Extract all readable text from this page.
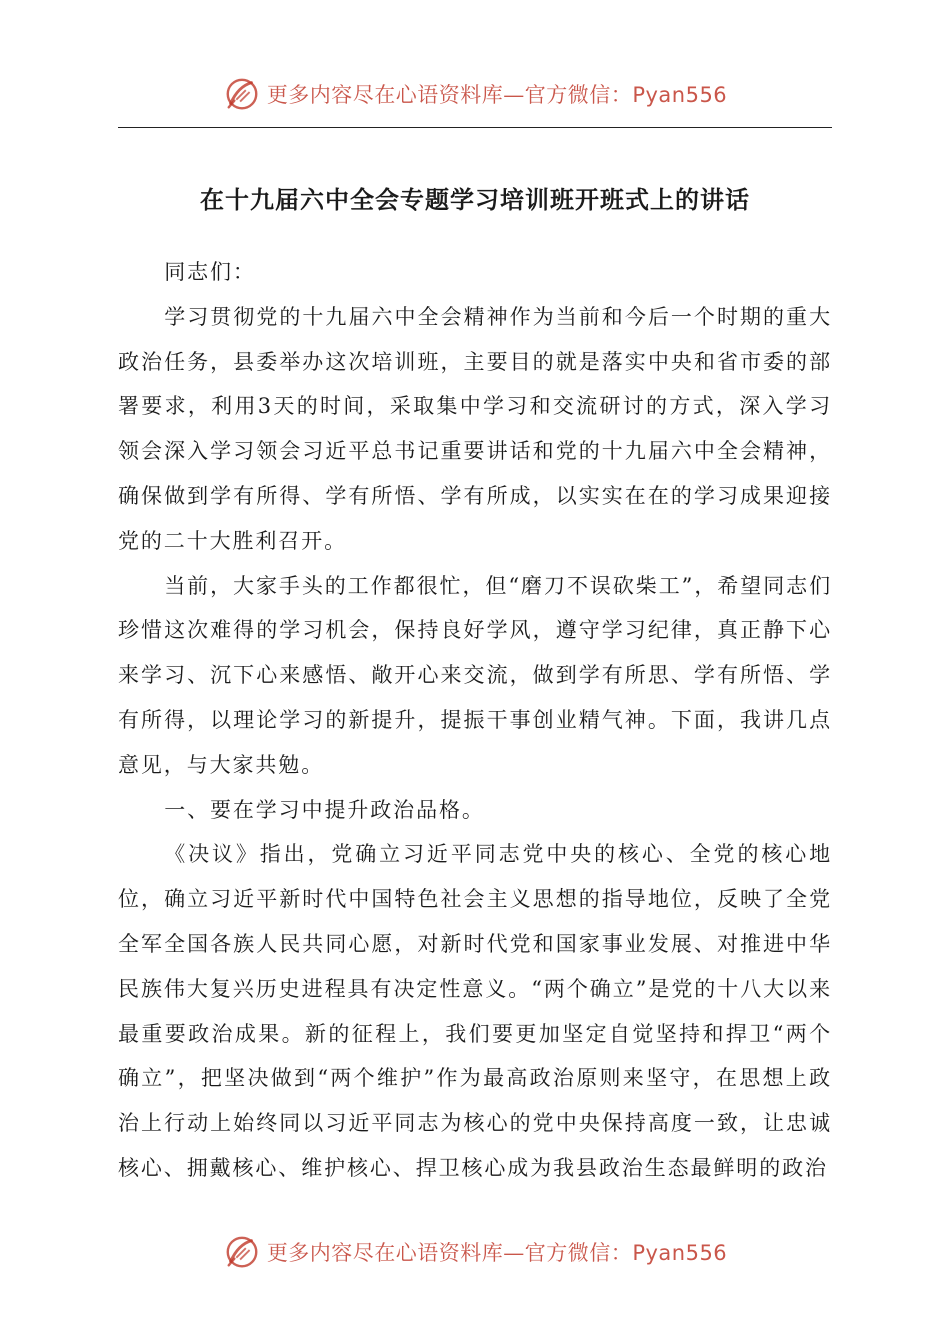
更多内容尽在心语资料库—官方微信：Pyan556
在十九届六中全会专题学习培训班开班式上的讲话

同志们：

学习贯彻党的十九届六中全会精神作为当前和今后一个时期的重大政治任务，县委举办这次培训班，主要目的就是落实中央和省市委的部署要求，利用3天的时间，采取集中学习和交流研讨的方式，深入学习领会深入学习领会习近平总书记重要讲话和党的十九届六中全会精神，确保做到学有所得、学有所悟、学有所成，以实实在在的学习成果迎接党的二十大胜利召开。

当前，大家手头的工作都很忙，但“磨刀不误砍柴工”，希望同志们珍惜这次难得的学习机会，保持良好学风，遵守学习纪律，真正静下心来学习、沉下心来感悟、敞开心来交流，做到学有所思、学有所悟、学有所得，以理论学习的新提升，提振干事创业精气神。下面，我讲几点意见，与大家共勉。

一、要在学习中提升政治品格。

《决议》指出，党确立习近平同志党中央的核心、全党的核心地位，确立习近平新时代中国特色社会主义思想的指导地位，反映了全党全军全国各族人民共同心愿，对新时代党和国家事业发展、对推进中华民族伟大复兴历史进程具有决定性意义。“两个确立”是党的十八大以来最重要政治成果。新的征程上，我们要更加坚定自觉坚持和捍卫“两个确立”，把坚决做到“两个维护”作为最高政治原则来坚守，在思想上政治上行动上始终同以习近平同志为核心的党中央保持高度一致，让忠诚核心、拥戴核心、维护核心、捍卫核心成为我县政治生态最鲜明的政治

更多内容尽在心语资料库—官方微信：Pyan556
